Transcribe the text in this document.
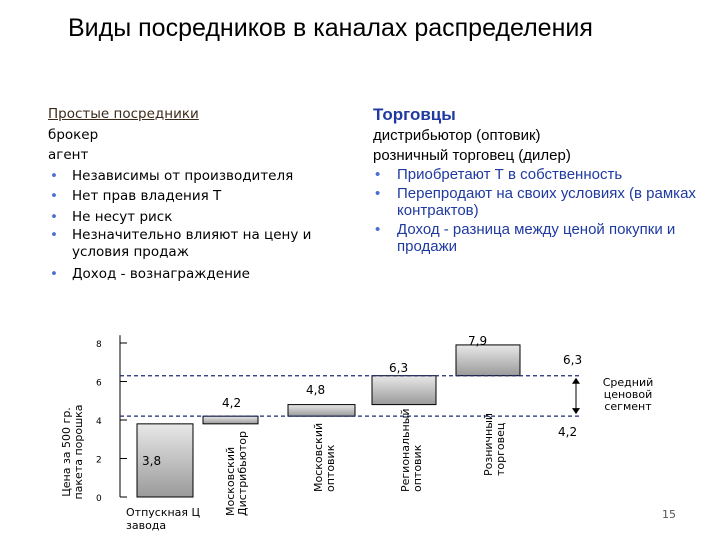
Виды посредников в каналах распределения
Простые посредники
брокер
агент
• Независимы от производителя
• Нет прав владения Т
• Не несут риск
• Незначительно влияют на цену и условия продаж
• Доход - вознаграждение
Торговцы
дистрибьютор (оптовик)
розничный торговец (дилер)
• Приобретают Т в собственность
• Перепродают на своих условиях (в рамках контрактов)
• Доход - разница между ценой покупки и продажи
0
2
4
6
8
Цена за 500 гр.пакета порошка	3,8
4,2
4,8
6,3
7,9
6,3
4,2
Средний ценовой сегмент
Отпускная Ц завода
МосковскийДистрибьютор	Московскийоптовик	Региональныйоптовик	Розничныйторговец
15
